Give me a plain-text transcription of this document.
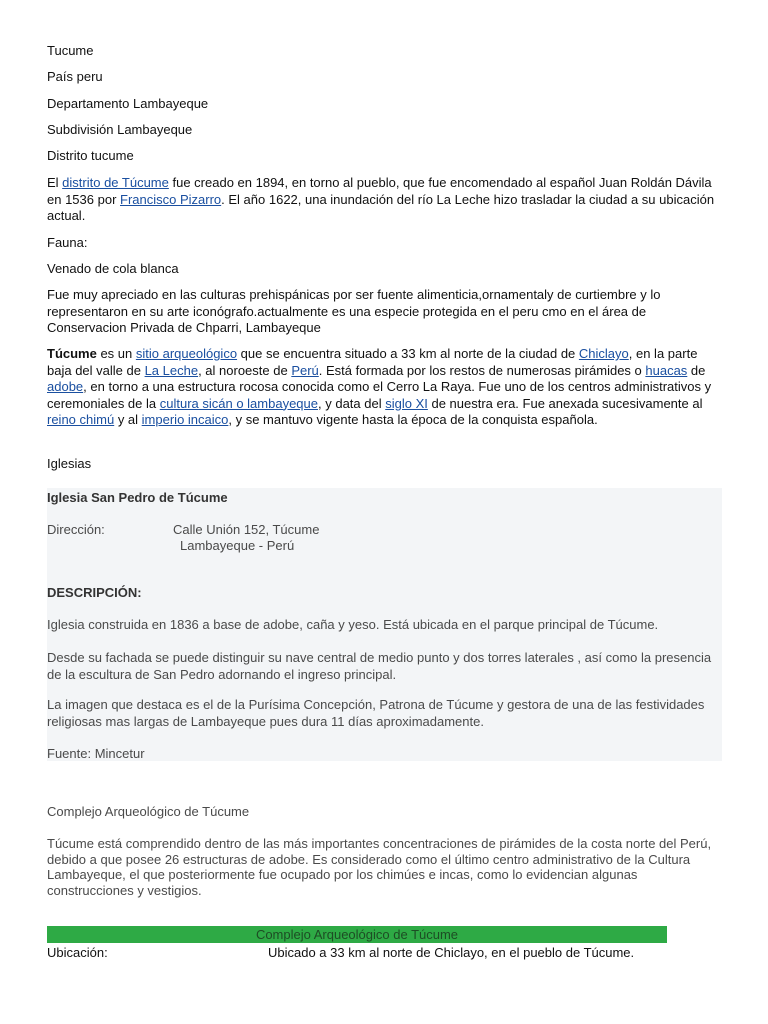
Tucume
País peru
Departamento Lambayeque
Subdivisión Lambayeque
Distrito tucume
El distrito de Túcume fue creado en 1894, en torno al pueblo, que fue encomendado al español Juan Roldán Dávila en 1536 por Francisco Pizarro. El año 1622, una inundación del río La Leche hizo trasladar la ciudad a su ubicación actual.
Fauna:
Venado de cola blanca
Fue muy apreciado en las culturas prehispánicas por ser fuente alimenticia,ornamentaly de curtiembre y lo representaron en su arte iconógrafo.actualmente es una especie protegida en el peru cmo en el área de Conservacion Privada de Chparri, Lambayeque
Túcume es un sitio arqueológico que se encuentra situado a 33 km al norte de la ciudad de Chiclayo, en la parte baja del valle de La Leche, al noroeste de Perú. Está formada por los restos de numerosas pirámides o huacas de adobe, en torno a una estructura rocosa conocida como el Cerro La Raya. Fue uno de los centros administrativos y ceremoniales de la cultura sicán o lambayeque, y data del siglo XI de nuestra era. Fue anexada sucesivamente al reino chimú y al imperio incaico, y se mantuvo vigente hasta la época de la conquista española.
Iglesias
Iglesia San Pedro de Túcume
Dirección:	Calle Unión 152, Túcume
Lambayeque - Perú
DESCRIPCIÓN:
Iglesia construida en 1836 a base de adobe, caña y yeso. Está ubicada en el parque principal de Túcume.
Desde su fachada se puede distinguir su nave central de medio punto y dos torres laterales , así como la presencia de la escultura de San Pedro adornando el ingreso principal.
La imagen que destaca es el de la Purísima Concepción, Patrona de Túcume y gestora de una de las festividades religiosas mas largas de Lambayeque pues dura 11 días aproximadamente.
Fuente: Mincetur
Complejo Arqueológico de Túcume
Túcume está comprendido dentro de las más importantes concentraciones de pirámides de la costa norte del Perú, debido a que posee 26 estructuras de adobe. Es considerado como el último centro administrativo de la Cultura Lambayeque, el que posteriormente fue ocupado por los chimúes e incas, como lo evidencian algunas construcciones y vestigios.
Complejo Arqueológico de Túcume
Ubicación:	Ubicado a 33 km al norte de Chiclayo, en el pueblo de Túcume.
